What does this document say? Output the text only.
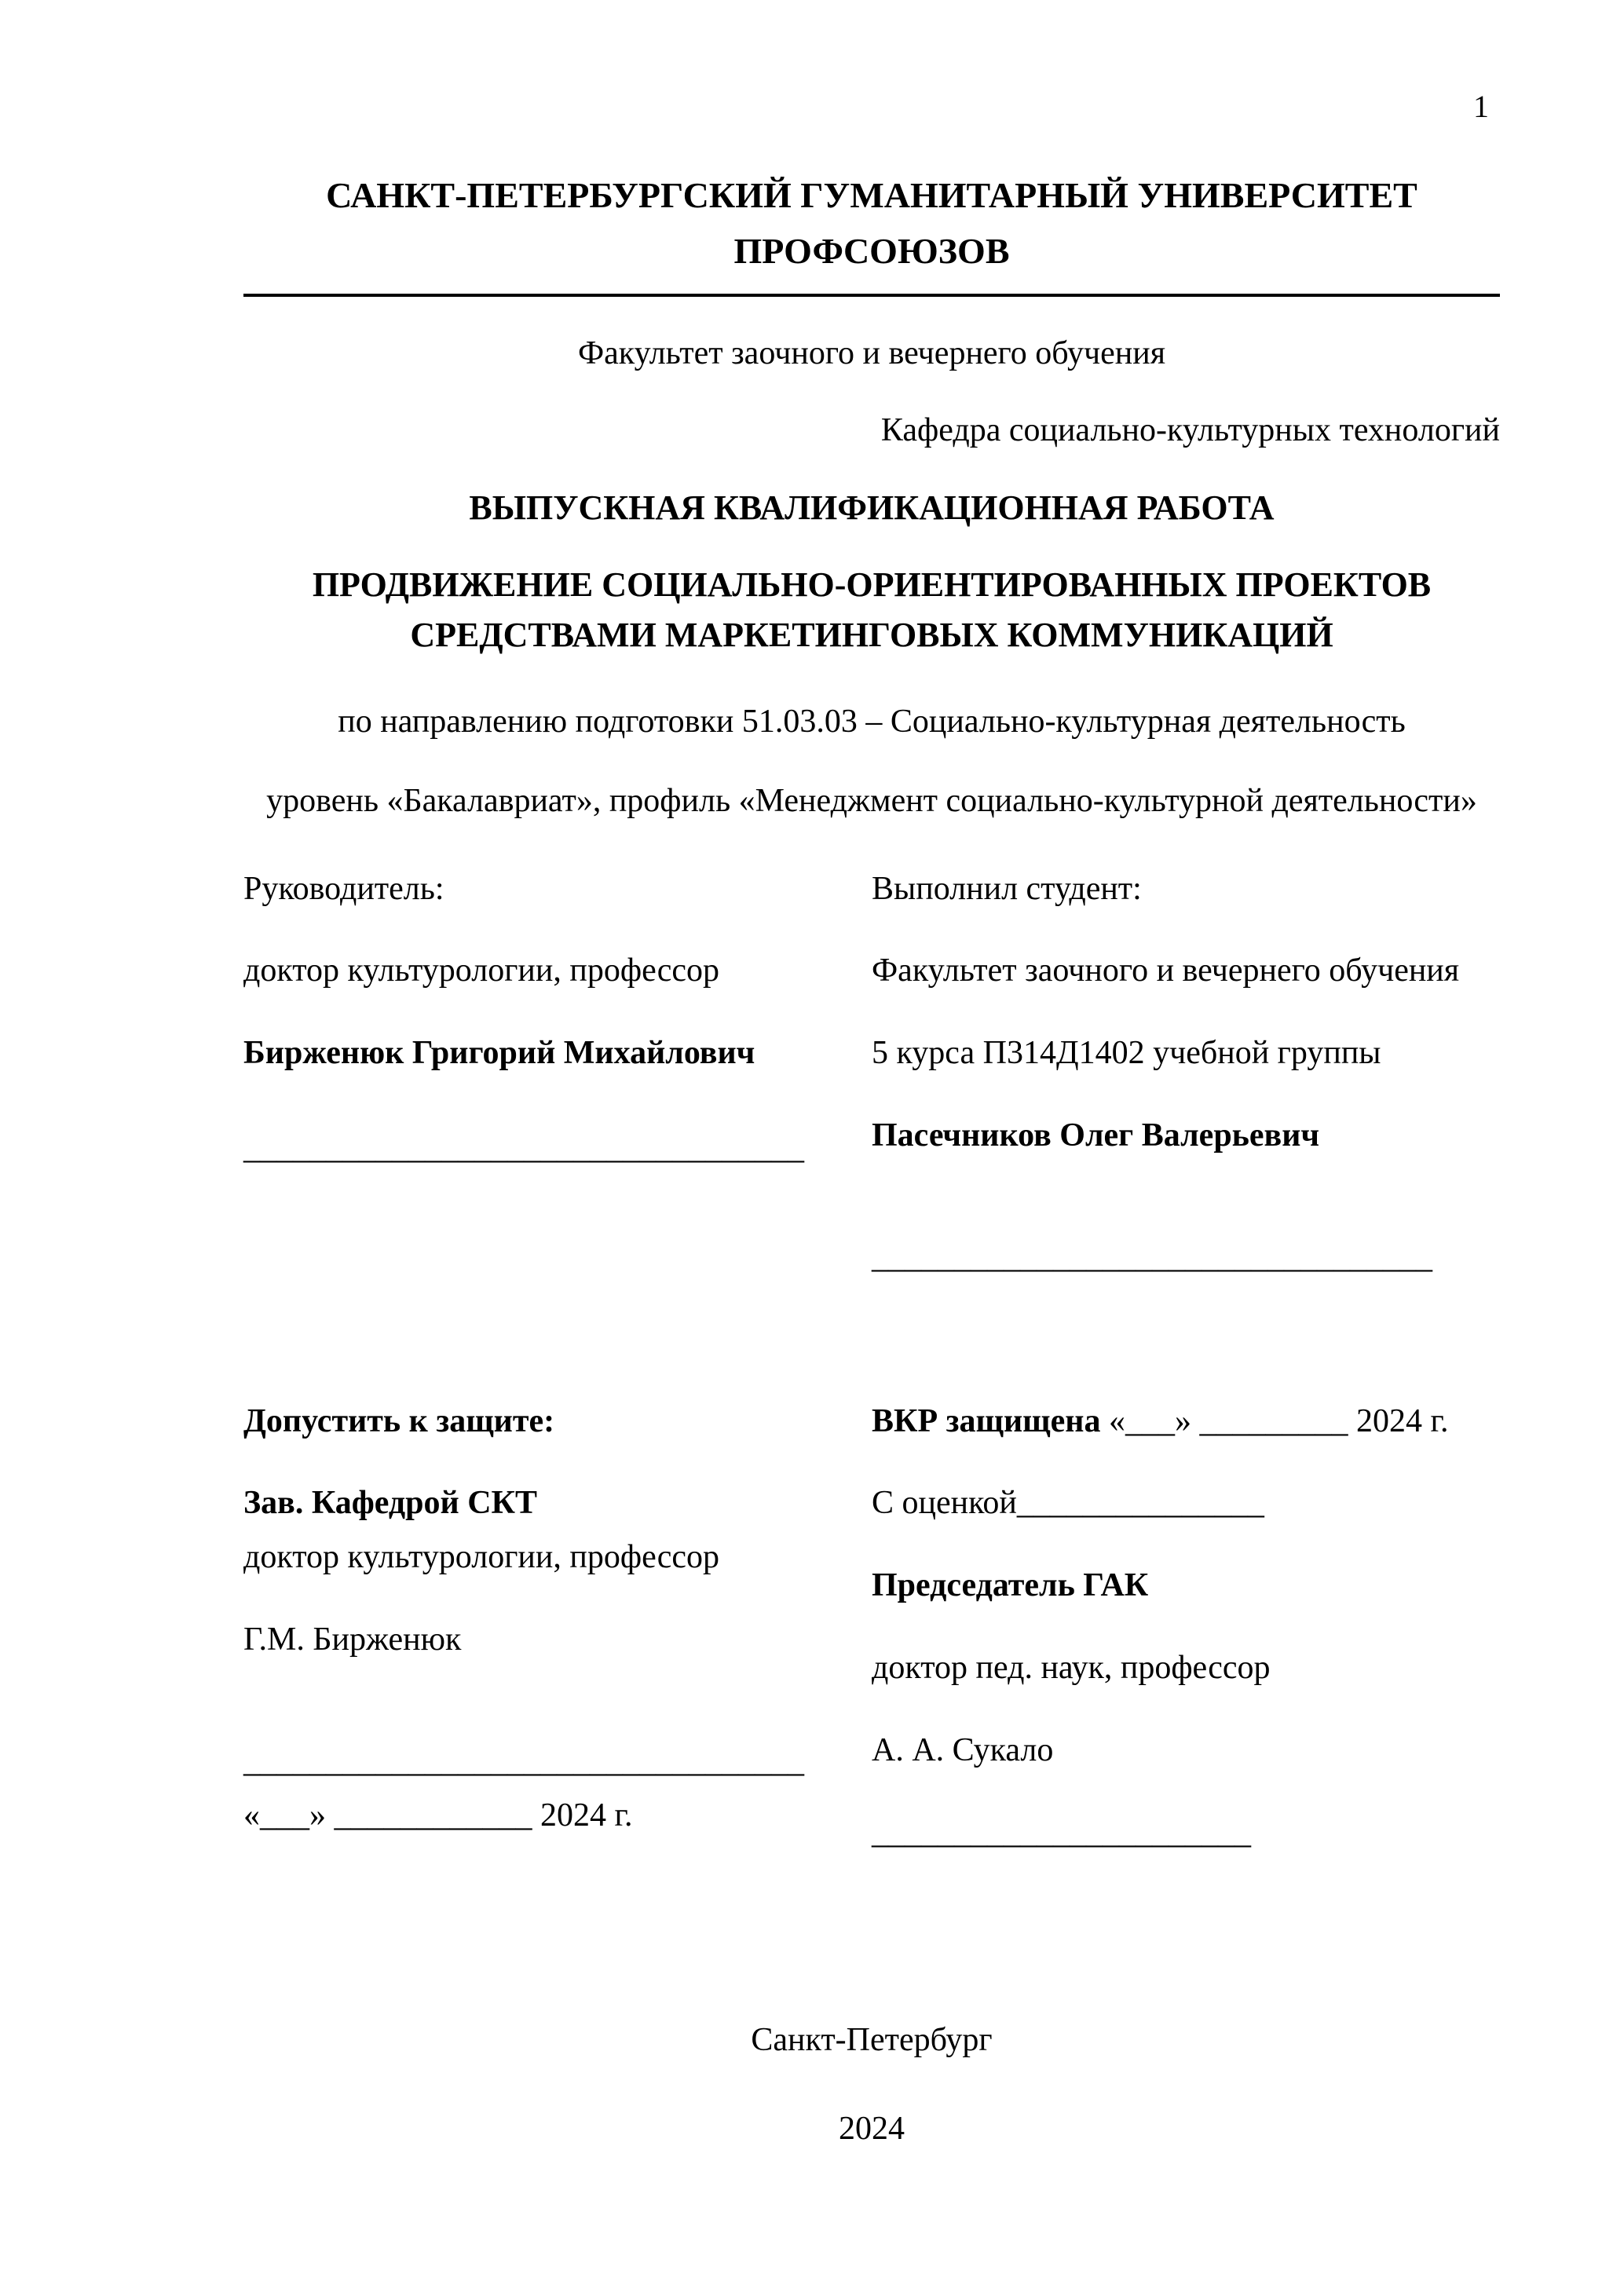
1
САНКТ-ПЕТЕРБУРГСКИЙ ГУМАНИТАРНЫЙ УНИВЕРСИТЕТ
ПРОФСОЮЗОВ

Факультет заочного и вечернего обучения

Кафедра социально-культурных технологий

ВЫПУСКНАЯ КВАЛИФИКАЦИОННАЯ РАБОТА

ПРОДВИЖЕНИЕ СОЦИАЛЬНО-ОРИЕНТИРОВАННЫХ ПРОЕКТОВ СРЕДСТВАМИ МАРКЕТИНГОВЫХ КОММУНИКАЦИЙ

по направлению подготовки 51.03.03 – Социально-культурная деятельность

уровень «Бакалавриат», профиль «Менеджмент социально-культурной деятельности»

Руководитель:

доктор культурологии, профессор

Бирженюк Григорий Михайлович

__________________________________

Выполнил студент:

Факультет заочного и вечернего обучения

5 курса П314Д1402 учебной группы

Пасечников Олег Валерьевич

__________________________________

Допустить к защите:

Зав. Кафедрой СКТ

доктор культурологии, профессор

Г.М. Бирженюк

__________________________________

«___» ____________ 2024 г.

ВКР защищена «___» _________ 2024 г.

С оценкой_______________

Председатель ГАК

доктор пед. наук, профессор

А. А. Сукало

_______________________

Санкт-Петербург

2024
